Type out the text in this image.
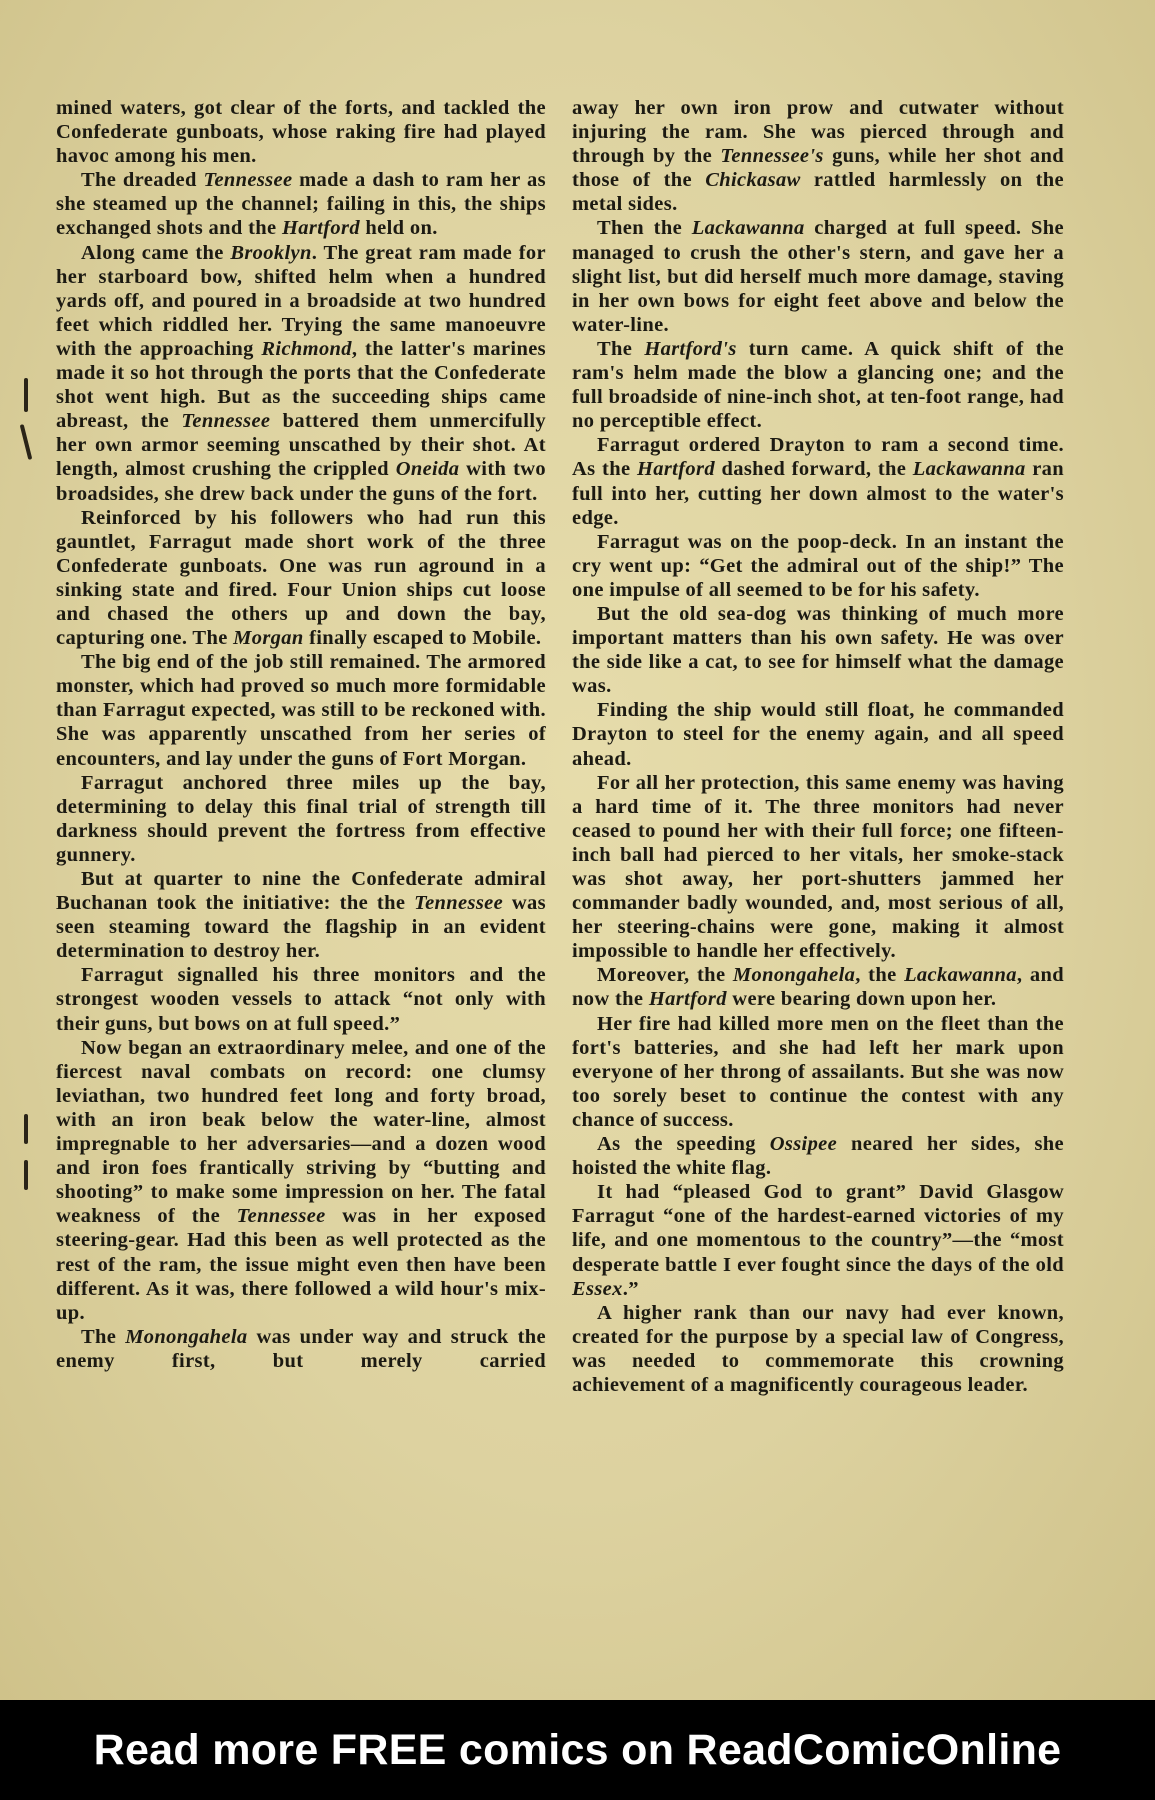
mined waters, got clear of the forts, and tackled the Confederate gunboats, whose raking fire had played havoc among his men.

The dreaded Tennessee made a dash to ram her as she steamed up the channel; failing in this, the ships exchanged shots and the Hartford held on.

Along came the Brooklyn. The great ram made for her starboard bow, shifted helm when a hundred yards off, and poured in a broadside at two hundred feet which riddled her. Trying the same manoeuvre with the approaching Richmond, the latter's marines made it so hot through the ports that the Confederate shot went high. But as the succeeding ships came abreast, the Tennessee battered them unmercifully her own armor seeming unscathed by their shot. At length, almost crushing the crippled Oneida with two broadsides, she drew back under the guns of the fort.

Reinforced by his followers who had run this gauntlet, Farragut made short work of the three Confederate gunboats. One was run aground in a sinking state and fired. Four Union ships cut loose and chased the others up and down the bay, capturing one. The Morgan finally escaped to Mobile.

The big end of the job still remained. The armored monster, which had proved so much more formidable than Farragut expected, was still to be reckoned with. She was apparently unscathed from her series of encounters, and lay under the guns of Fort Morgan.

Farragut anchored three miles up the bay, determining to delay this final trial of strength till darkness should prevent the fortress from effective gunnery.

But at quarter to nine the Confederate admiral Buchanan took the initiative: the the Tennessee was seen steaming toward the flagship in an evident determination to destroy her.

Farragut signalled his three monitors and the strongest wooden vessels to attack “not only with their guns, but bows on at full speed.”

Now began an extraordinary melee, and one of the fiercest naval combats on record: one clumsy leviathan, two hundred feet long and forty broad, with an iron beak below the water-line, almost impregnable to her adversaries—and a dozen wood and iron foes frantically striving by “butting and shooting” to make some impression on her. The fatal weakness of the Tennessee was in her exposed steering-gear. Had this been as well protected as the rest of the ram, the issue might even then have been different. As it was, there followed a wild hour's mix-up.

The Monongahela was under way and struck the enemy first, but merely carried

away her own iron prow and cutwater without injuring the ram. She was pierced through and through by the Tennessee's guns, while her shot and those of the Chickasaw rattled harmlessly on the metal sides.

Then the Lackawanna charged at full speed. She managed to crush the other's stern, and gave her a slight list, but did herself much more damage, staving in her own bows for eight feet above and below the water-line.

The Hartford's turn came. A quick shift of the ram's helm made the blow a glancing one; and the full broadside of nine-inch shot, at ten-foot range, had no perceptible effect.

Farragut ordered Drayton to ram a second time. As the Hartford dashed forward, the Lackawanna ran full into her, cutting her down almost to the water's edge.

Farragut was on the poop-deck. In an instant the cry went up: “Get the admiral out of the ship!” The one impulse of all seemed to be for his safety.

But the old sea-dog was thinking of much more important matters than his own safety. He was over the side like a cat, to see for himself what the damage was.

Finding the ship would still float, he commanded Drayton to steel for the enemy again, and all speed ahead.

For all her protection, this same enemy was having a hard time of it. The three monitors had never ceased to pound her with their full force; one fifteen-inch ball had pierced to her vitals, her smoke-stack was shot away, her port-shutters jammed her commander badly wounded, and, most serious of all, her steering-chains were gone, making it almost impossible to handle her effectively.

Moreover, the Monongahela, the Lackawanna, and now the Hartford were bearing down upon her.

Her fire had killed more men on the fleet than the fort's batteries, and she had left her mark upon everyone of her throng of assailants. But she was now too sorely beset to continue the contest with any chance of success.

As the speeding Ossipee neared her sides, she hoisted the white flag.

It had “pleased God to grant” David Glasgow Farragut “one of the hardest-earned victories of my life, and one momentous to the country”—the “most desperate battle I ever fought since the days of the old Essex.”

A higher rank than our navy had ever known, created for the purpose by a special law of Congress, was needed to commemorate this crowning achievement of a magnificently courageous leader.

Read more FREE comics on ReadComicOnline
